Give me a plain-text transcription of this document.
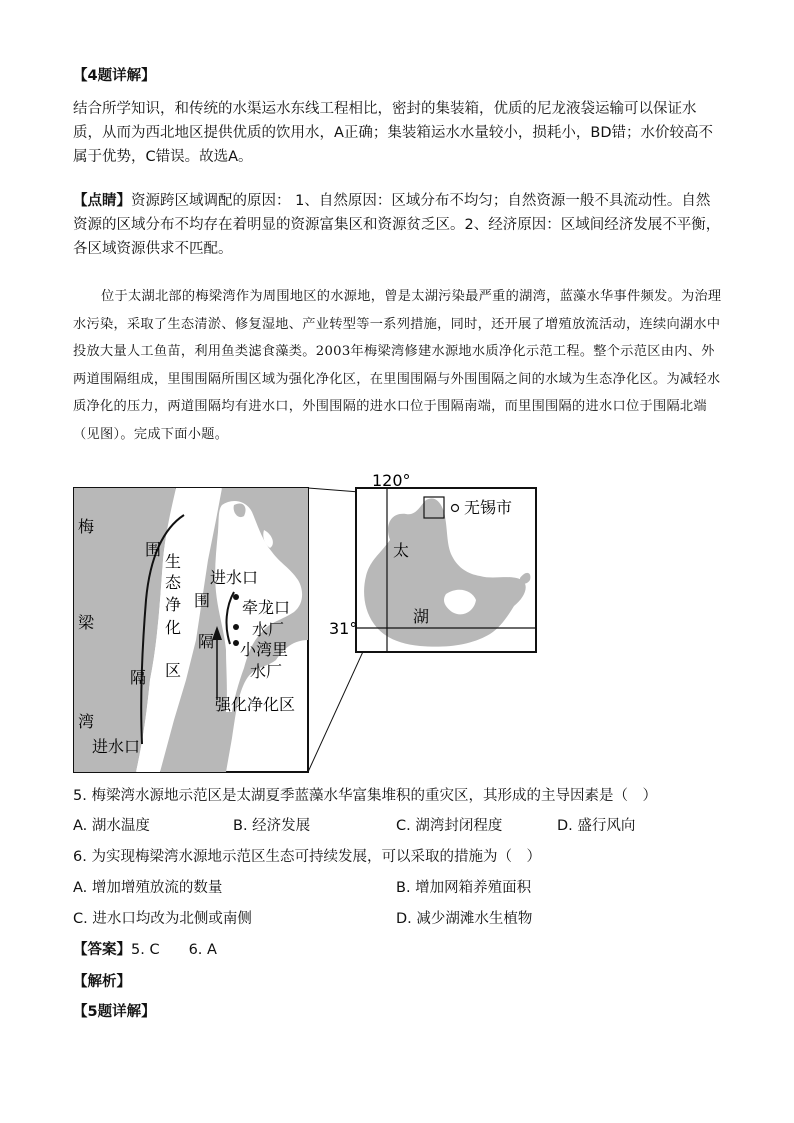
【4题详解】
结合所学知识，和传统的水渠运水东线工程相比，密封的集装箱，优质的尼龙液袋运输可以保证水质，从而为西北地区提供优质的饮用水，A正确；集装箱运水水量较小，损耗小，BD错；水价较高不属于优势，C错误。故选A。
【点睛】资源跨区域调配的原因： 1、自然原因：区域分布不均匀；自然资源一般不具流动性。自然资源的区域分布不均存在着明显的资源富集区和资源贫乏区。2、经济原因：区域间经济发展不平衡，各区域资源供求不匹配。
位于太湖北部的梅梁湾作为周围地区的水源地，曾是太湖污染最严重的湖湾，蓝藻水华事件频发。为治理水污染，采取了生态清淤、修复湿地、产业转型等一系列措施，同时，还开展了增殖放流活动，连续向湖水中投放大量人工鱼苗，利用鱼类滤食藻类。2003年梅梁湾修建水源地水质净化示范工程。整个示范区由内、外两道围隔组成，里围围隔所围区域为强化净化区，在里围围隔与外围围隔之间的水域为生态净化区。为减轻水质净化的压力，两道围隔均有进水口，外围围隔的进水口位于围隔南端，而里围围隔的进水口位于围隔北端（见图）。完成下面小题。
梅
梁
湾
围
隔
进水口
生
态
净
化
区
进水口
围
隔
牵龙口
水厂
小湾里
水厂
强化净化区
120°
31°
无锡市
太
湖
5. 梅梁湾水源地示范区是太湖夏季蓝藻水华富集堆积的重灾区，其形成的主导因素是（　）
A. 湖水温度	B. 经济发展	C. 湖湾封闭程度	D. 盛行风向
6. 为实现梅梁湾水源地示范区生态可持续发展，可以采取的措施为（　）
A. 增加增殖放流的数量	B. 增加网箱养殖面积
C. 进水口均改为北侧或南侧	D. 减少湖滩水生植物
【答案】5. C　　6. A
【解析】
【5题详解】
